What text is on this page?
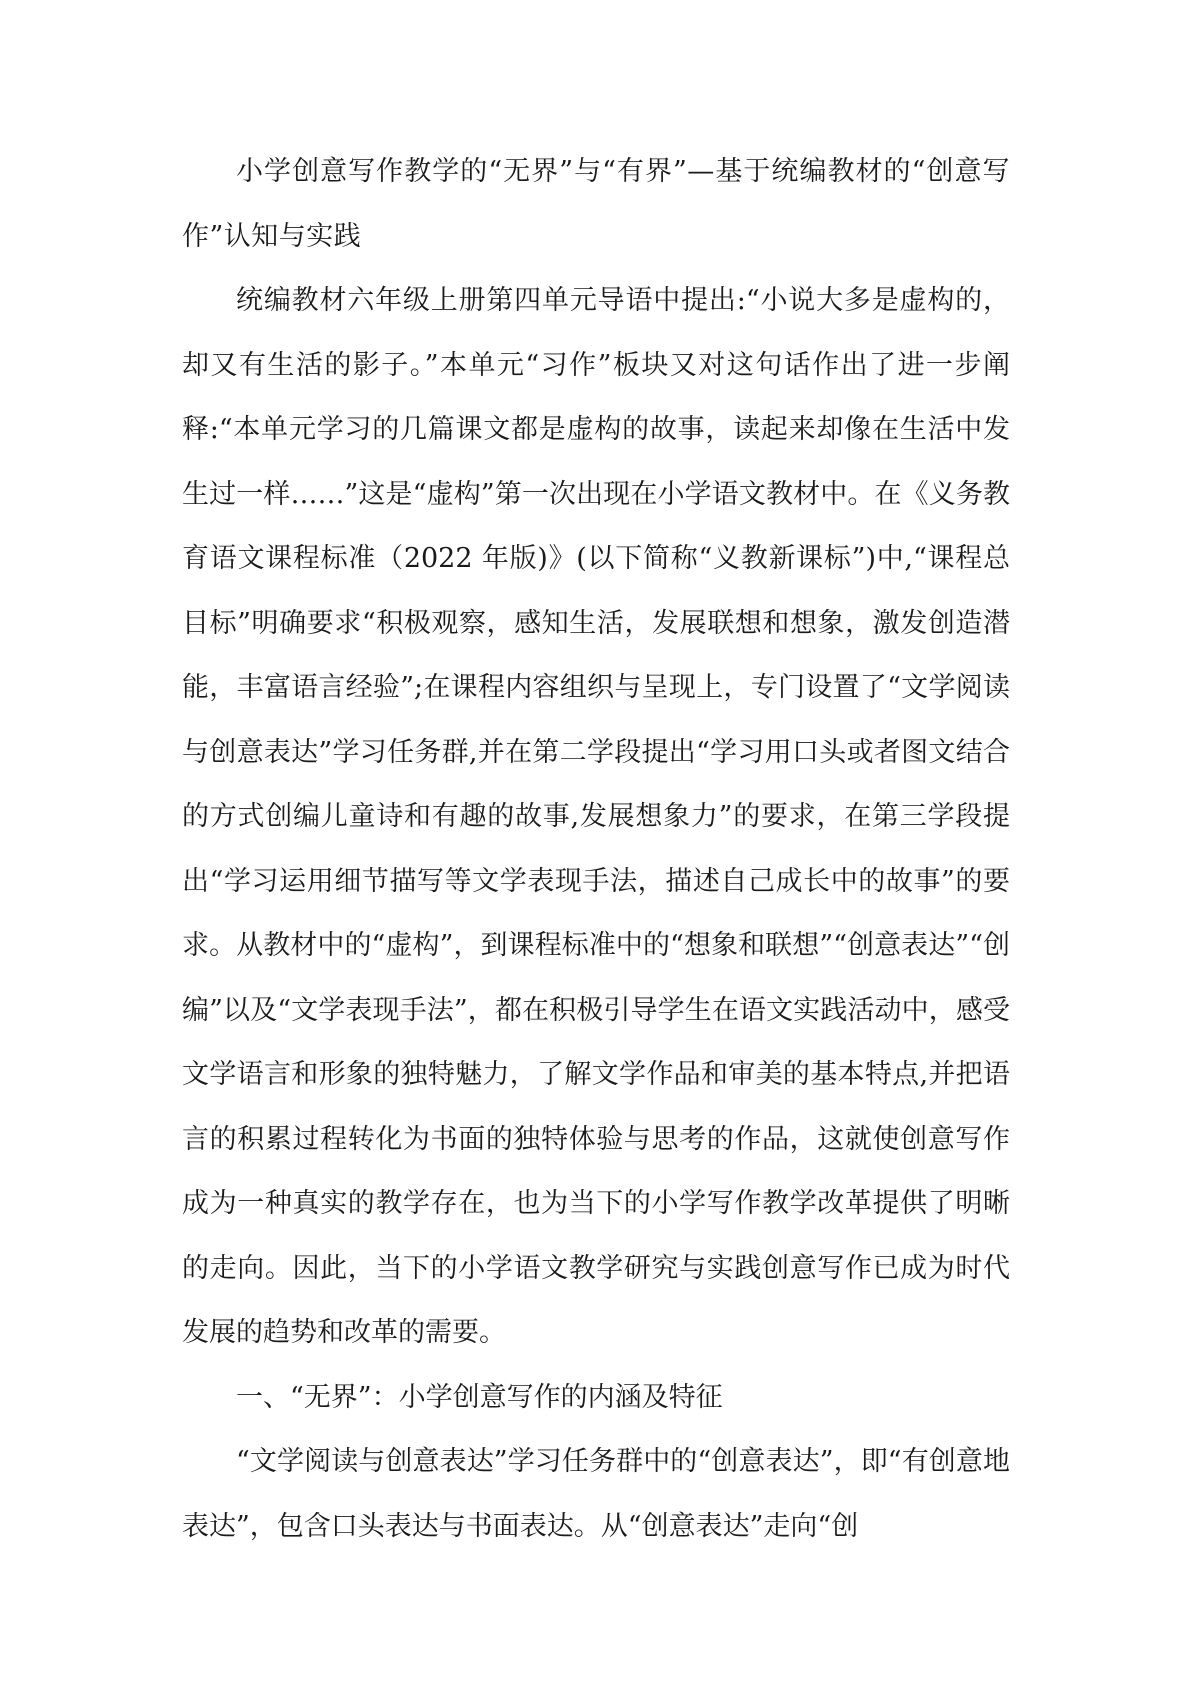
小学创意写作教学的“无界”与“有界”—基于统编教材的“创意写作”认知与实践

统编教材六年级上册第四单元导语中提出:“小说大多是虚构的，却又有生活的影子。”本单元“习作”板块又对这句话作出了进一步阐释:“本单元学习的几篇课文都是虚构的故事，读起来却像在生活中发生过一样……”这是“虚构”第一次出现在小学语文教材中。在《义务教育语文课程标准（2022 年版)》(以下简称“义教新课标”)中,“课程总目标”明确要求“积极观察，感知生活，发展联想和想象，激发创造潜能，丰富语言经验”;在课程内容组织与呈现上，专门设置了“文学阅读与创意表达”学习任务群,并在第二学段提出“学习用口头或者图文结合的方式创编儿童诗和有趣的故事,发展想象力”的要求，在第三学段提出“学习运用细节描写等文学表现手法，描述自己成长中的故事”的要求。从教材中的“虚构”，到课程标准中的“想象和联想”“创意表达”“创编”以及“文学表现手法”，都在积极引导学生在语文实践活动中，感受文学语言和形象的独特魅力，了解文学作品和审美的基本特点,并把语言的积累过程转化为书面的独特体验与思考的作品，这就使创意写作成为一种真实的教学存在，也为当下的小学写作教学改革提供了明晰的走向。因此，当下的小学语文教学研究与实践创意写作已成为时代发展的趋势和改革的需要。

一、“无界”：小学创意写作的内涵及特征

“文学阅读与创意表达”学习任务群中的“创意表达”，即“有创意地表达”，包含口头表达与书面表达。从“创意表达”走向“创
